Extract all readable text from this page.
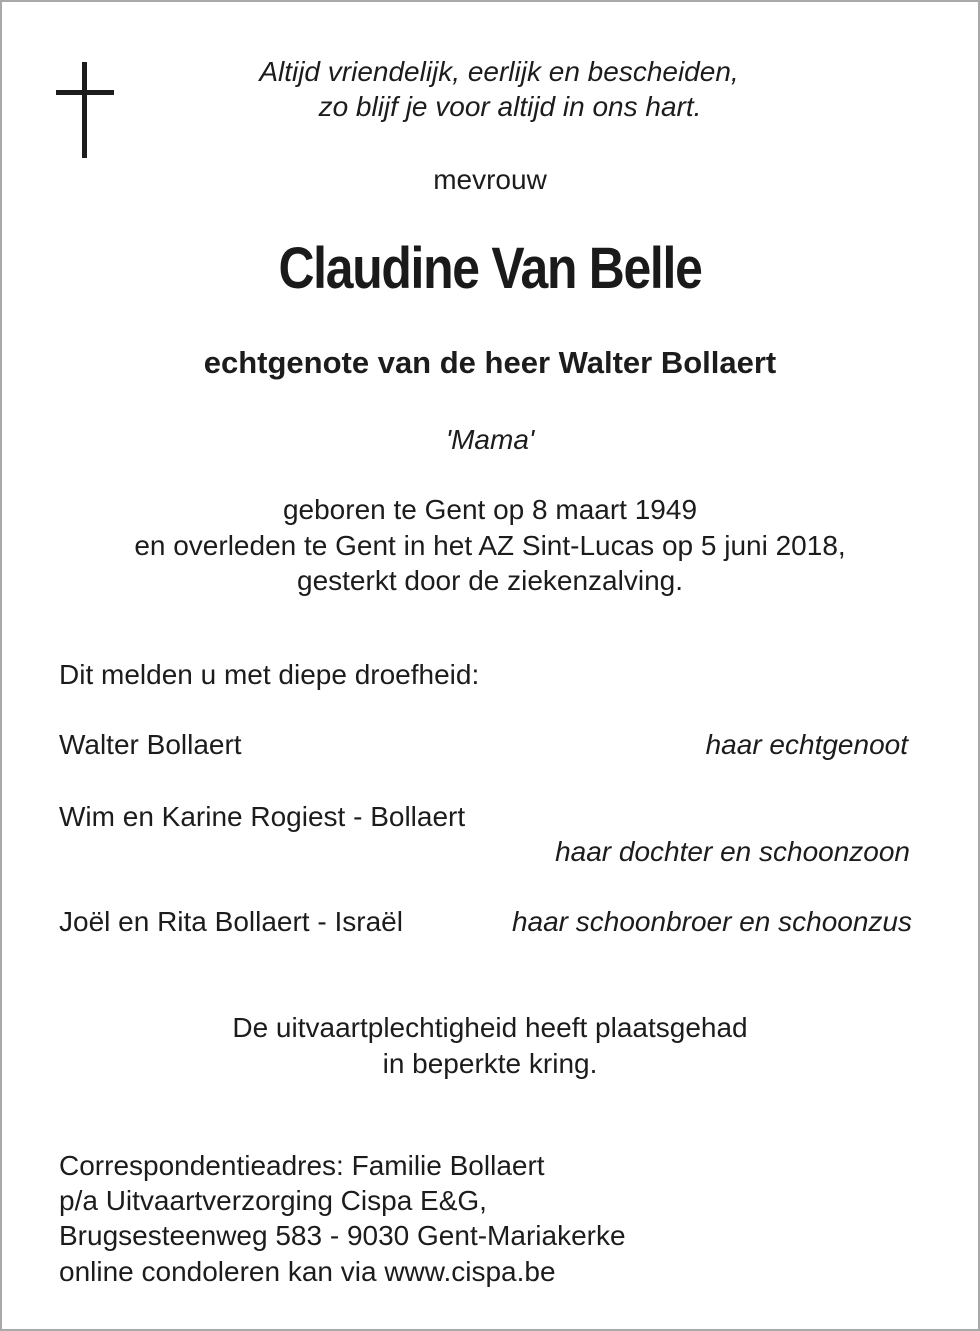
Altijd vriendelijk, eerlijk en bescheiden,
zo blijf je voor altijd in ons hart.
mevrouw
Claudine Van Belle
echtgenote van de heer Walter Bollaert
'Mama'
geboren te Gent op 8 maart 1949
en overleden te Gent in het AZ Sint-Lucas op 5 juni 2018,
gesterkt door de ziekenzalving.
Dit melden u met diepe droefheid:
Walter Bollaert	haar echtgenoot
Wim en Karine Rogiest - Bollaert
haar dochter en schoonzoon
Joël en Rita Bollaert - Israël	haar schoonbroer en schoonzus
De uitvaartplechtigheid heeft plaatsgehad
in beperkte kring.
Correspondentieadres: Familie Bollaert
p/a Uitvaartverzorging Cispa E&G,
Brugsesteenweg 583 - 9030 Gent-Mariakerke
online condoleren kan via www.cispa.be
